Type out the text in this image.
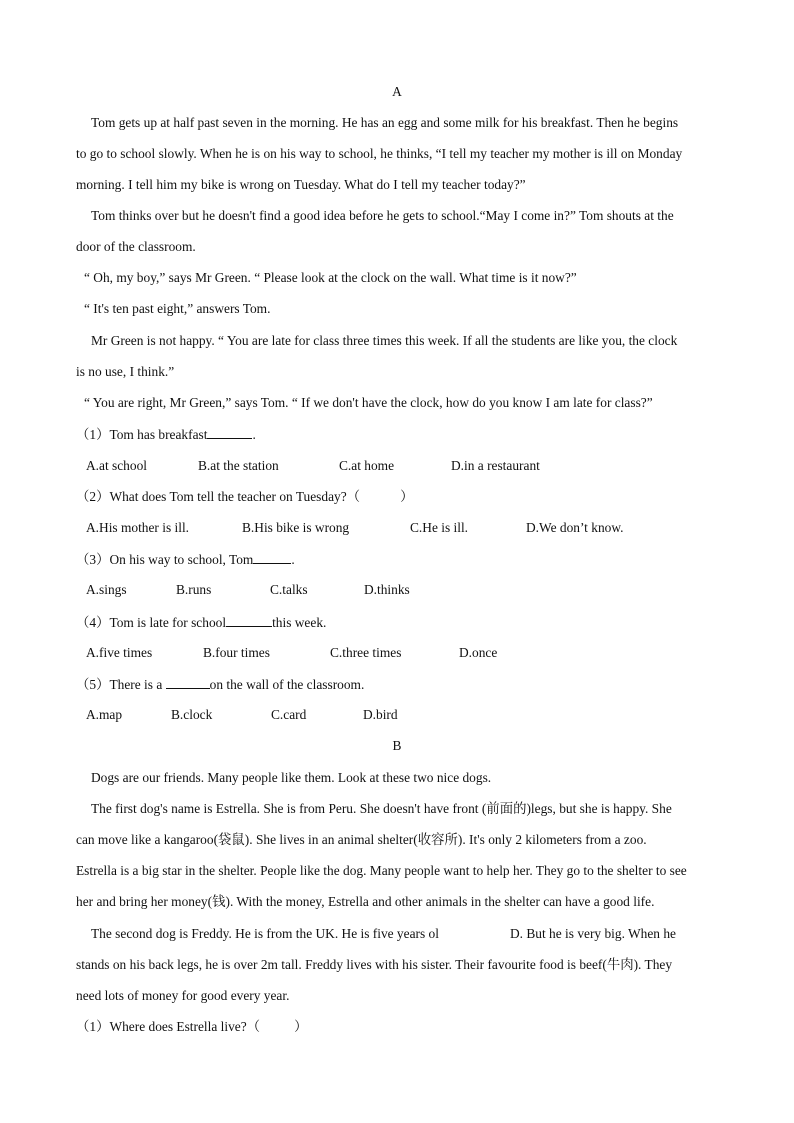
A
Tom gets up at half past seven in the morning. He has an egg and some milk for his breakfast. Then he begins
to go to school slowly. When he is on his way to school, he thinks, “I tell my teacher my mother is ill on Monday
morning. I tell him my bike is wrong on Tuesday. What do I tell my teacher today?”
Tom thinks over but he doesn't find a good idea before he gets to school.“May I come in?” Tom shouts at the
door of the classroom.
“ Oh, my boy,” says Mr Green. “ Please look at the clock on the wall. What time is it now?”
“ It's ten past eight,” answers Tom.
Mr Green is not happy. “ You are late for class three times this week. If all the students are like you, the clock
is no use, I think.”
“ You are right, Mr Green,” says Tom. “ If we don't have the clock, how do you know I am late for class?”
（1）Tom has breakfast	.
A.at school	B.at the station	C.at home	D.in a restaurant
（2）What does Tom tell the teacher on Tuesday?（	）
A.His mother is ill.	B.His bike is wrong	C.He is ill.	D.We don’t know.
（3）On his way to school, Tom	.
A.sings	B.runs	C.talks	D.thinks
（4）Tom is late for school	this week.
A.five times	B.four times	C.three times	D.once
（5）There is a	on the wall of the classroom.
A.map	B.clock	C.card	D.bird
B
Dogs are our friends. Many people like them. Look at these two nice dogs.
The first dog's name is Estrella. She is from Peru. She doesn't have front (前面的)legs, but she is happy. She
can move like a kangaroo(袋鼠). She lives in an animal shelter(收容所). It's only 2 kilometers from a zoo.
Estrella is a big star in the shelter. People like the dog. Many people want to help her. They go to the shelter to see
her and bring her money(钱). With the money, Estrella and other animals in the shelter can have a good life.
The second dog is Freddy. He is from the UK. He is five years ol	D. But he is very big. When he
stands on his back legs, he is over 2m tall. Freddy lives with his sister. Their favourite food is beef(牛肉). They
need lots of money for good every year.
（1）Where does Estrella live?（	）
